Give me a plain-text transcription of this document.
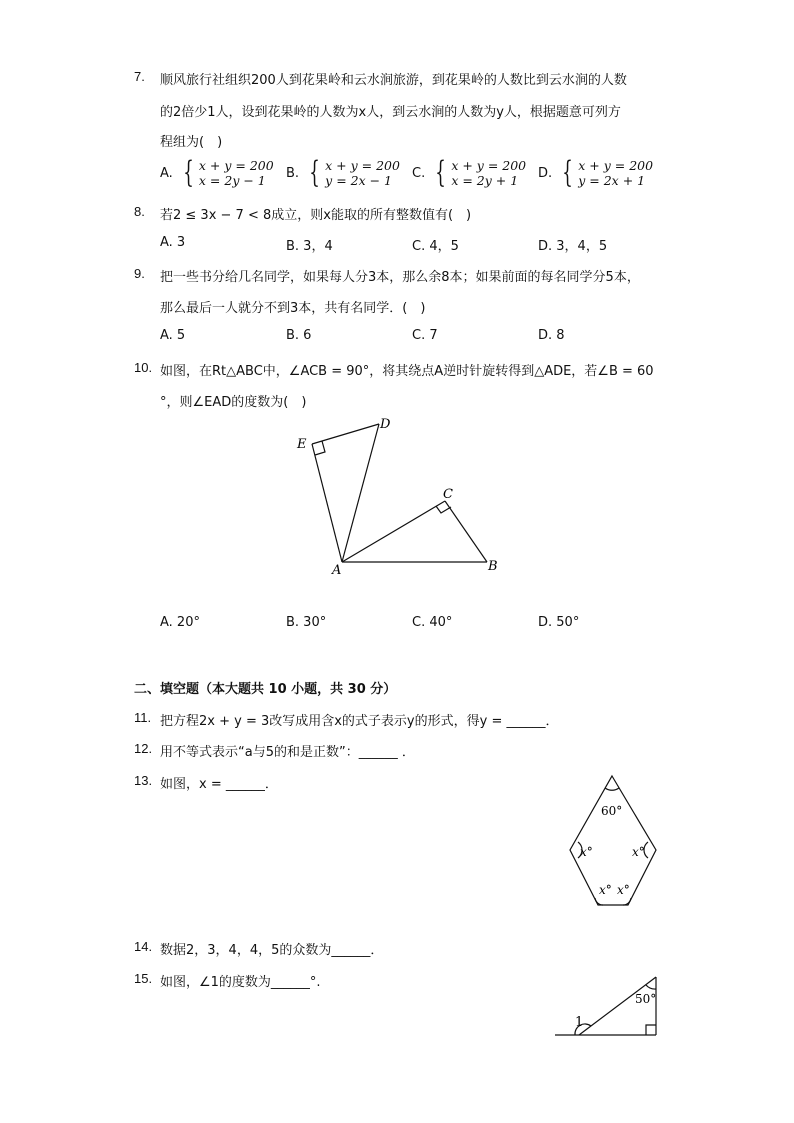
7. 顺风旅行社组织200人到花果岭和云水涧旅游，到花果岭的人数比到云水涧的人数
的2倍少1人，设到花果岭的人数为x人，到云水涧的人数为y人，根据题意可列方
程组为(　)
A. { x + y = 200
x = 2y − 1	B. { x + y = 200
y = 2x − 1	C. { x + y = 200
x = 2y + 1	D. { x + y = 200
y = 2x + 1
8. 若2 ≤ 3x − 7 < 8成立，则x能取的所有整数值有(　)
A. 3	B. 3，4	C. 4，5	D. 3，4，5
9. 把一些书分给几名同学，如果每人分3本，那么余8本；如果前面的每名同学分5本，
那么最后一人就分不到3本，共有名同学．(　)
A. 5	B. 6	C. 7	D. 8
10. 如图，在Rt△ABC中，∠ACB = 90°，将其绕点A逆时针旋转得到△ADE，若∠B = 60
°，则∠EAD的度数为(　)
A	B
C
D
E
A. 20°	B. 30°	C. 40°	D. 50°
二、填空题（本大题共 10 小题，共 30 分）
11. 把方程2x + y = 3改写成用含x的式子表示y的形式，得y = ______．
12. 用不等式表示“a与5的和是正数”：______ ．
13. 如图，x = ______．
60°
x°	x°
x° x°
14. 数据2，3，4，4，5的众数为______．
15. 如图，∠1的度数为______°.
1
50°
